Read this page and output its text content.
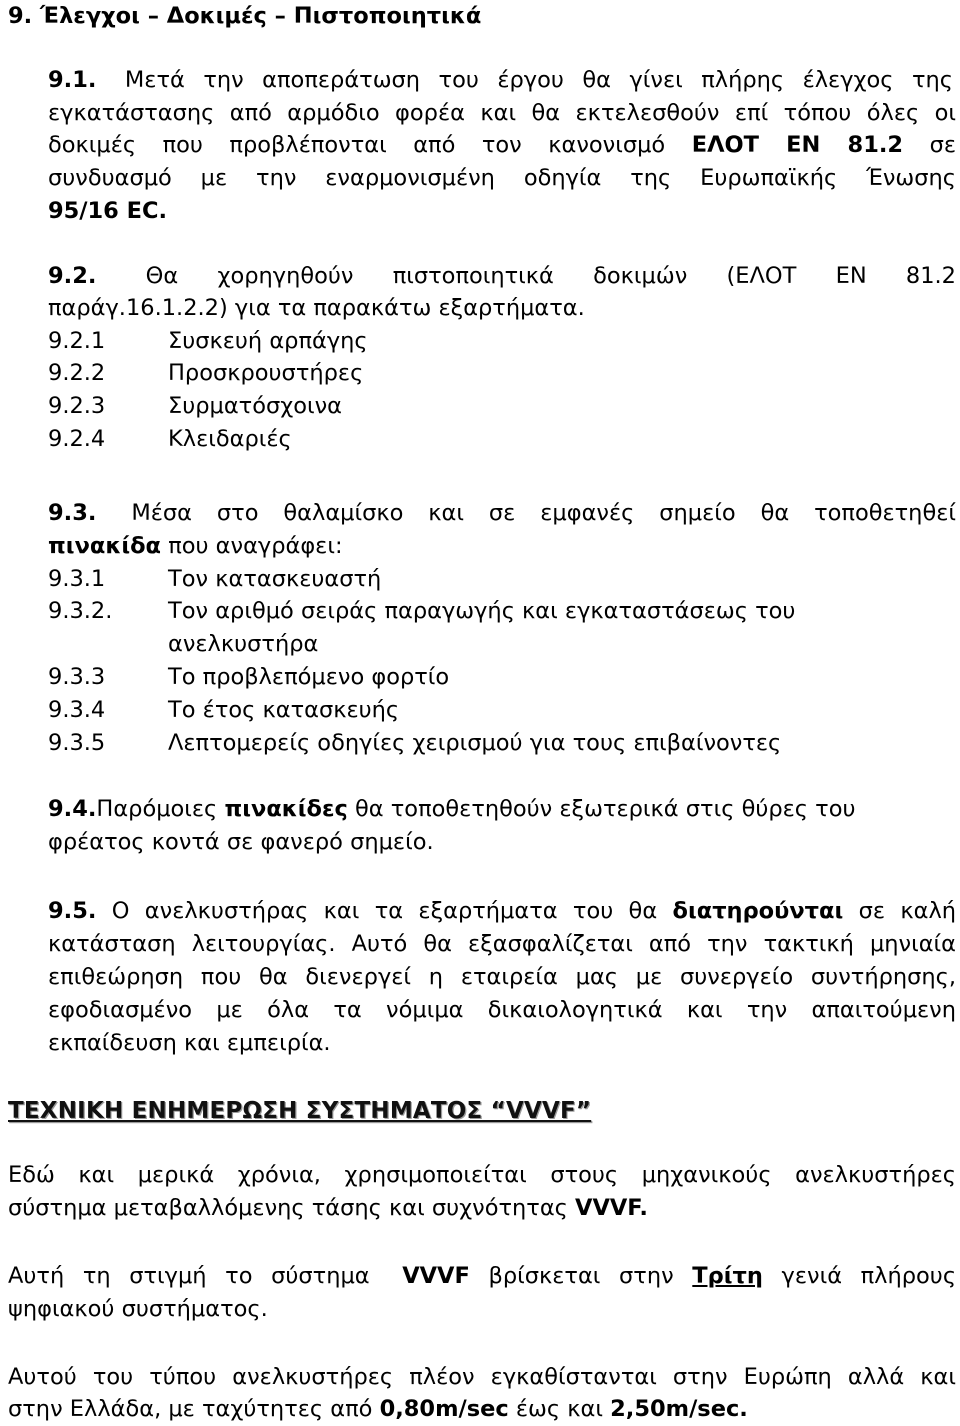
9. Έλεγχοι – Δοκιμές – Πιστοποιητικά
9.1. Μετά την αποπεράτωση του έργου θα γίνει πλήρης έλεγχος της
εγκατάστασης από αρμόδιο φορέα και θα εκτελεσθούν επί τόπου όλες οι
δοκιμές που προβλέπονται από τον κανονισμό ΕΛΟΤ ΕΝ 81.2 σε
συνδυασμό με την εναρμονισμένη οδηγία της Ευρωπαϊκής Ένωσης
95/16 EC.
9.2. Θα χορηγηθούν πιστοποιητικά δοκιμών (ΕΛΟΤ ΕΝ 81.2
παράγ.16.1.2.2) για τα παρακάτω εξαρτήματα.
9.2.1	Συσκευή αρπάγης
9.2.2	Προσκρουστήρες
9.2.3	Συρματόσχοινα
9.2.4	Κλειδαριές
9.3. Μέσα στο θαλαμίσκο και σε εμφανές σημείο θα τοποθετηθεί
πινακίδα που αναγράφει:
9.3.1	Τον κατασκευαστή
9.3.2. Τον αριθμό σειράς παραγωγής και εγκαταστάσεως του
ανελκυστήρα
9.3.3	Το προβλεπόμενο φορτίο
9.3.4	Το έτος κατασκευής
9.3.5	Λεπτομερείς οδηγίες χειρισμού για τους επιβαίνοντες
9.4.Παρόμοιες πινακίδες θα τοποθετηθούν εξωτερικά στις θύρες του
φρέατος κοντά σε φανερό σημείο.
9.5. Ο ανελκυστήρας και τα εξαρτήματα του θα διατηρούνται σε καλή
κατάσταση λειτουργίας. Αυτό θα εξασφαλίζεται από την τακτική μηνιαία
επιθεώρηση που θα διενεργεί η εταιρεία μας με συνεργείο συντήρησης,
εφοδιασμένο με όλα τα νόμιμα δικαιολογητικά και την απαιτούμενη
εκπαίδευση και εμπειρία.
ΤΕΧΝΙΚΗ ΕΝΗΜΕΡΩΣΗ ΣΥΣΤΗΜΑΤΟΣ “VVVF”
Εδώ και μερικά χρόνια, χρησιμοποιείται στους μηχανικούς ανελκυστήρες
σύστημα μεταβαλλόμενης τάσης και συχνότητας VVVF.
Αυτή τη στιγμή το σύστημα VVVF βρίσκεται στην Τρίτη γενιά πλήρους
ψηφιακού συστήματος.
Αυτού του τύπου ανελκυστήρες πλέον εγκαθίστανται στην Ευρώπη αλλά και
στην Ελλάδα, με ταχύτητες από 0,80m/sec έως και 2,50m/sec.
